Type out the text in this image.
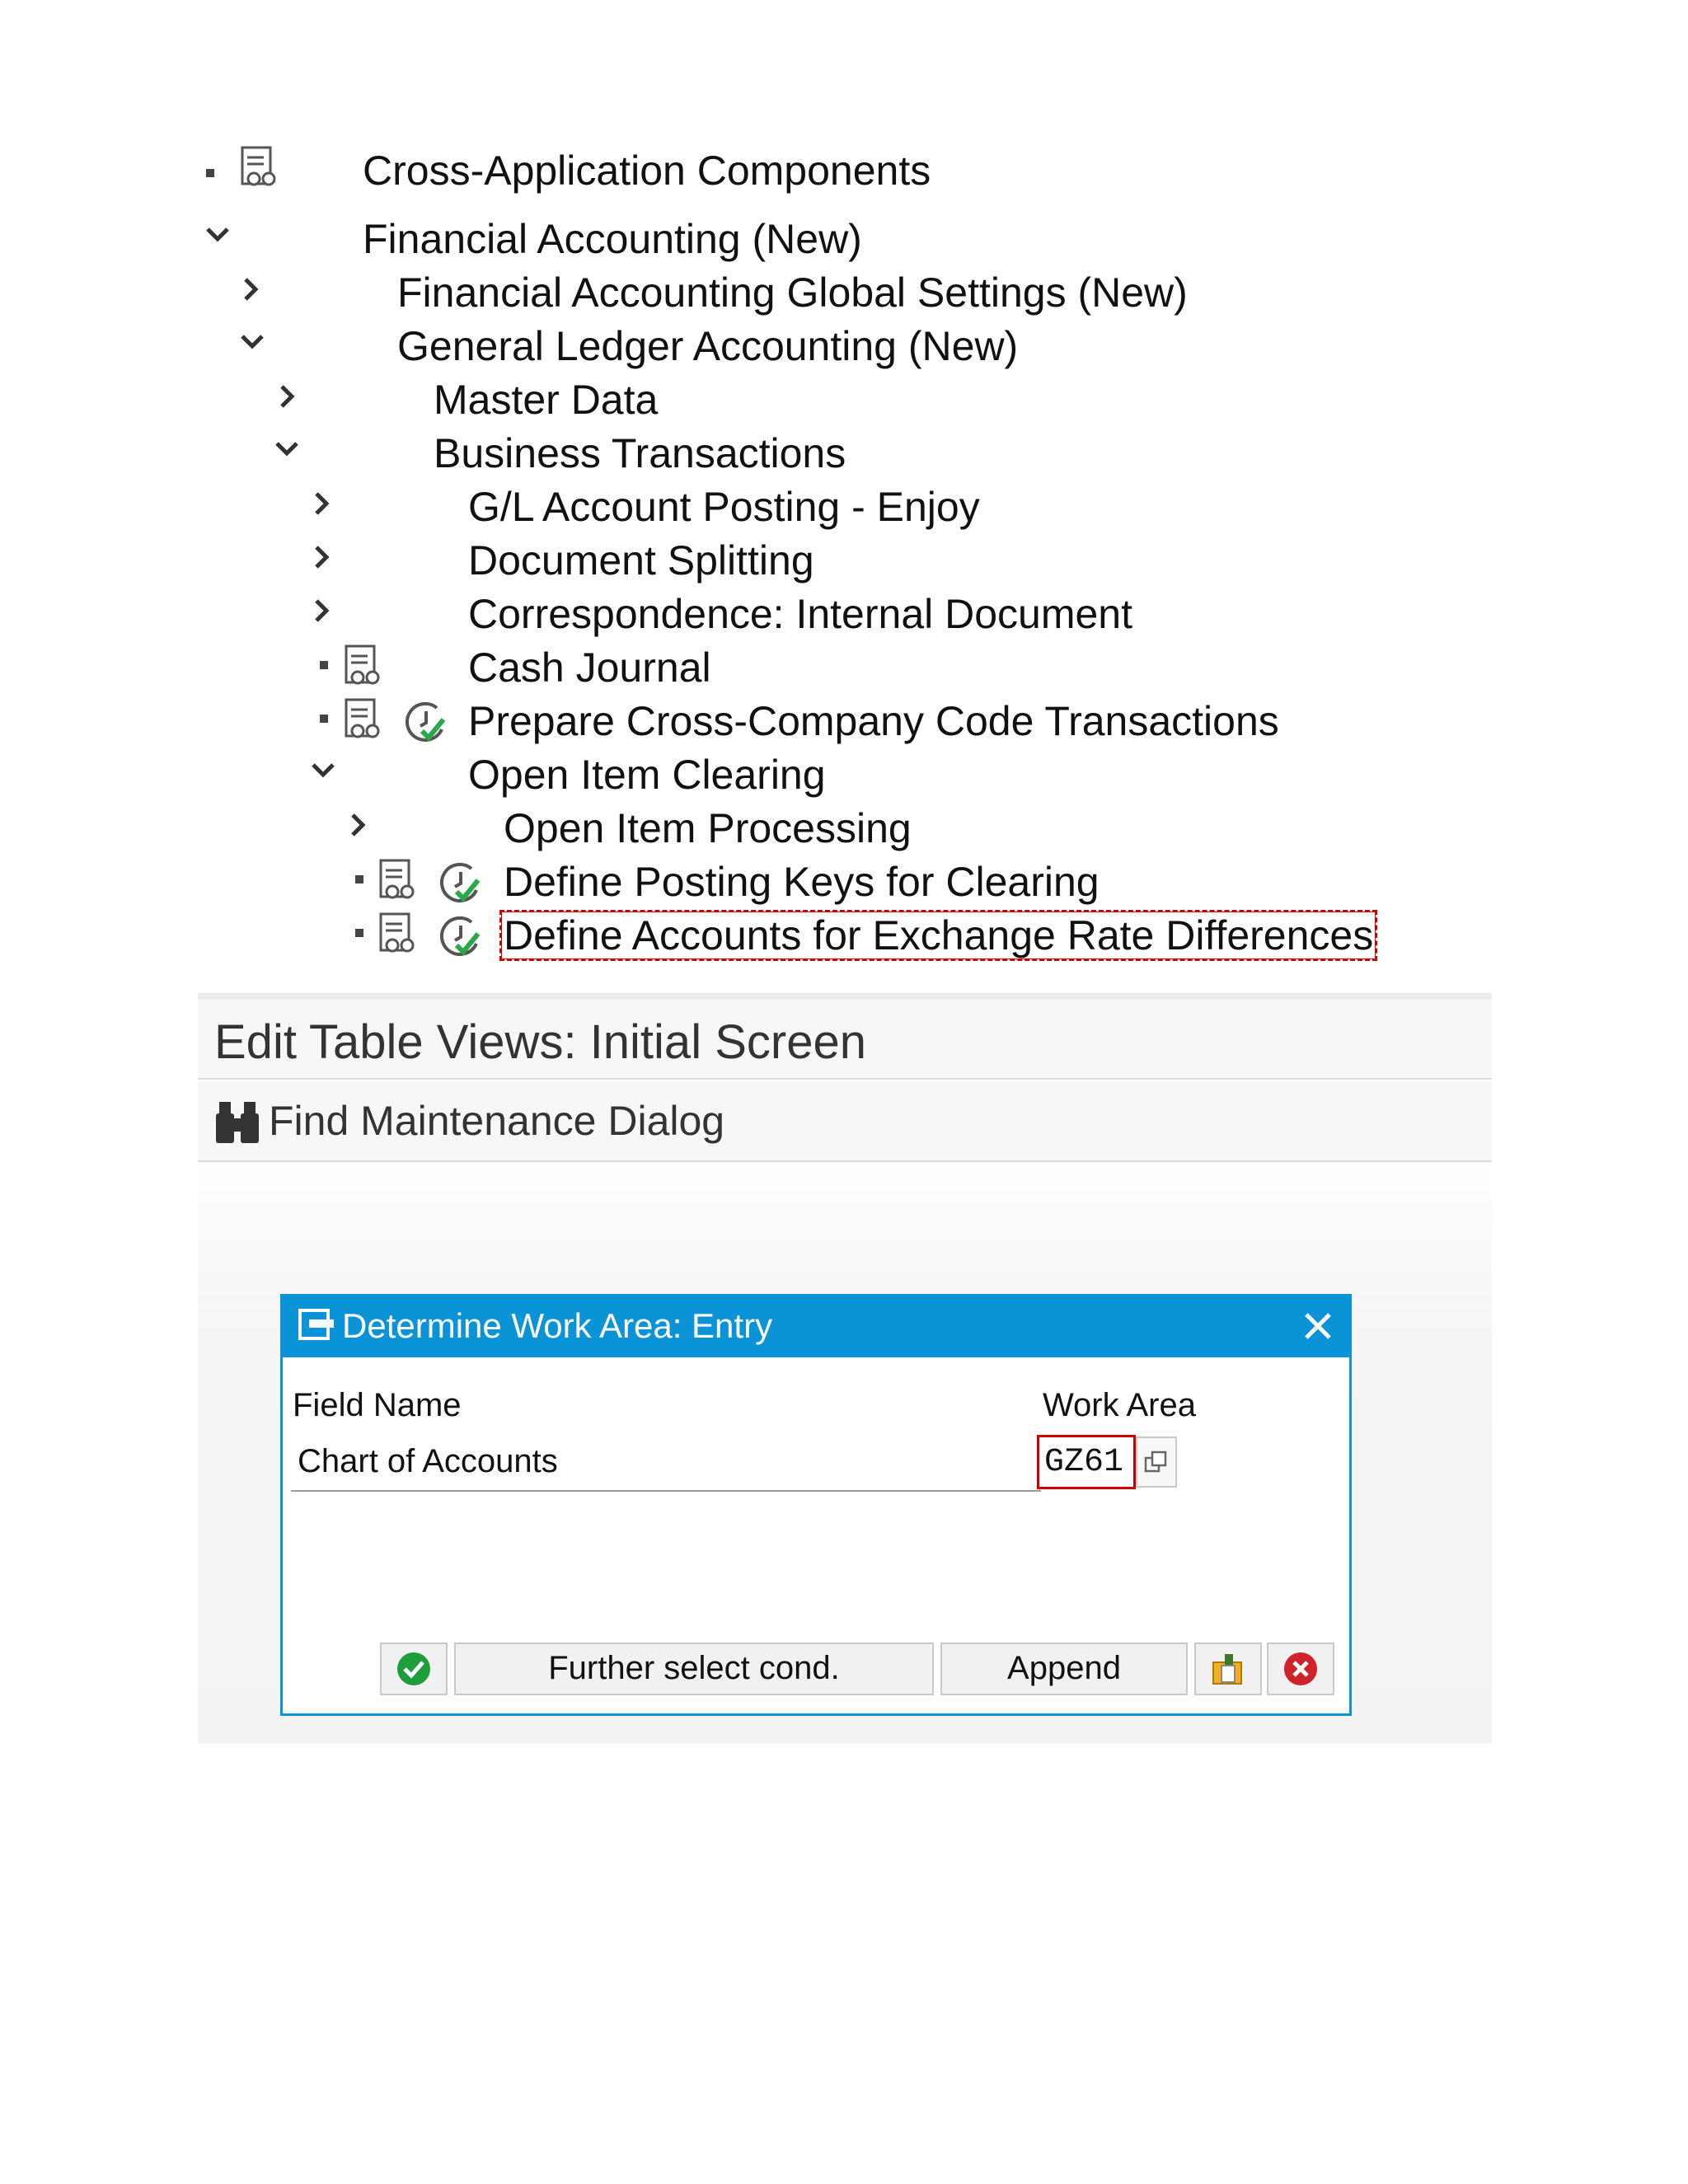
Cross-Application Components
Financial Accounting (New)
Financial Accounting Global Settings (New)
General Ledger Accounting (New)
Master Data
Business Transactions
G/L Account Posting - Enjoy
Document Splitting
Correspondence: Internal Document
Cash Journal
Prepare Cross-Company Code Transactions
Open Item Clearing
Open Item Processing
Define Posting Keys for Clearing
Define Accounts for Exchange Rate Differences
Edit Table Views: Initial Screen
Find Maintenance Dialog
Determine Work Area: Entry
Field Name	Work Area
Chart of Accounts
GZ61
Further select cond.	Append
